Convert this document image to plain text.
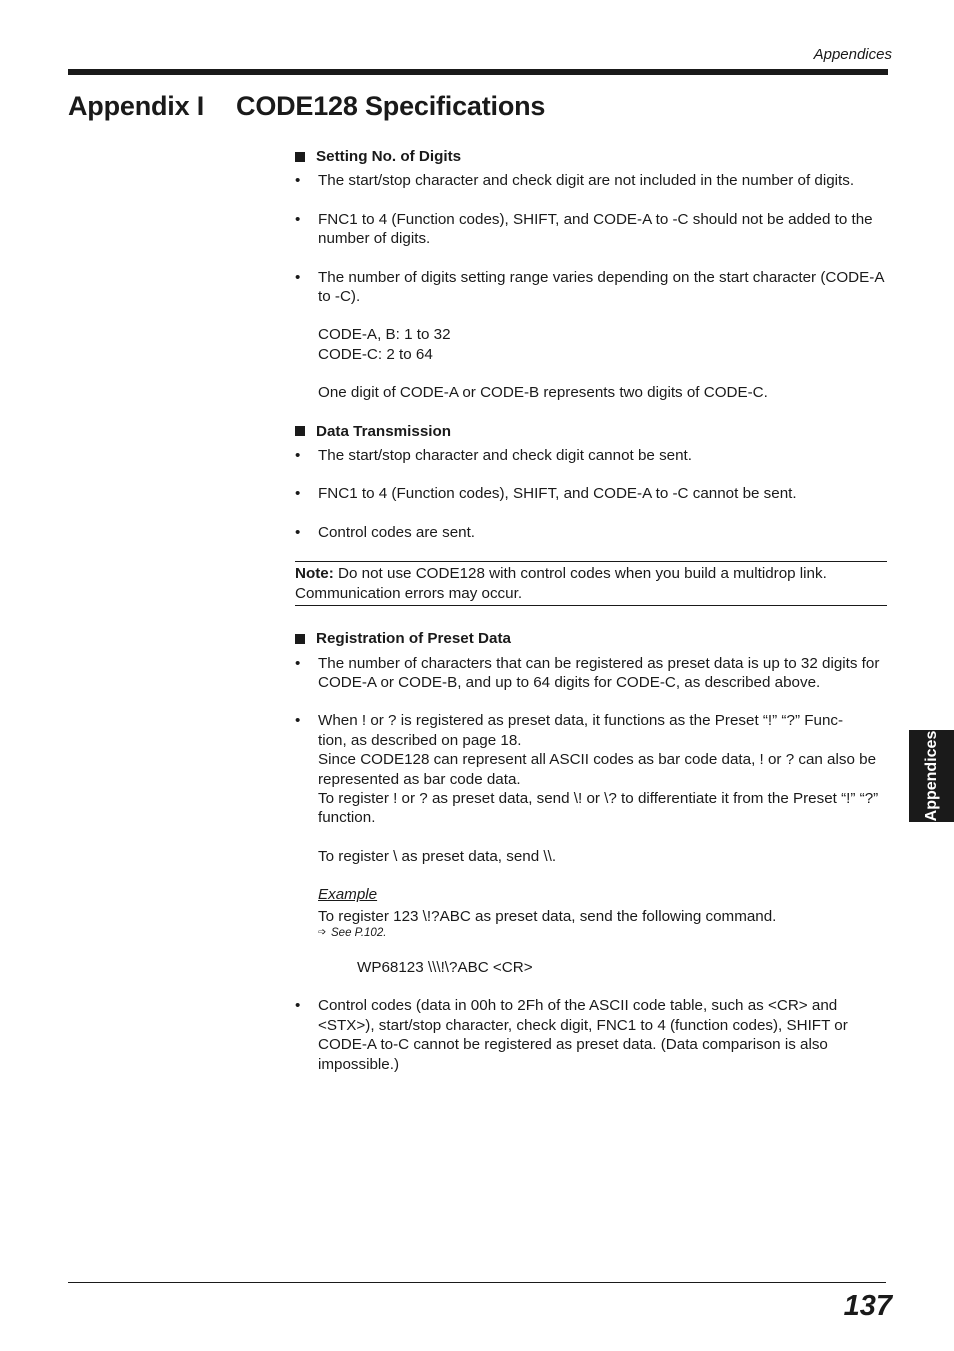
Appendices
Appendix I CODE128 Specifications
Setting No. of Digits
• The start/stop character and check digit are not included in the number of digits.
• FNC1 to 4 (Function codes), SHIFT, and CODE-A to -C should not be added to the number of digits.
• The number of digits setting range varies depending on the start character (CODE-A to -C).
CODE-A, B: 1 to 32
CODE-C: 2 to 64
One digit of CODE-A or CODE-B represents two digits of CODE-C.
Data Transmission
• The start/stop character and check digit cannot be sent.
• FNC1 to 4 (Function codes), SHIFT, and CODE-A to -C cannot be sent.
• Control codes are sent.
Note: Do not use CODE128 with control codes when you build a multidrop link. Communication errors may occur.
Registration of Preset Data
• The number of characters that can be registered as preset data is up to 32 digits for CODE-A or CODE-B, and up to 64 digits for CODE-C, as described above.
• When ! or ? is registered as preset data, it functions as the Preset “!” “?” Func-
tion, as described on page 18.
Since CODE128 can represent all ASCII codes as bar code data, ! or ? can also be represented as bar code data.
To register ! or ? as preset data, send \! or \? to differentiate it from the Preset “!” “?” function.
To register \ as preset data, send \\.
Example
To register 123 \!?ABC as preset data, send the following command.
➩ See P.102.
WP68123 \\\!\?ABC <CR>
• Control codes (data in 00h to 2Fh of the ASCII code table, such as <CR> and <STX>), start/stop character, check digit, FNC1 to 4 (function codes), SHIFT or CODE-A to-C cannot be registered as preset data. (Data comparison is also impossible.)
Appendices
137
